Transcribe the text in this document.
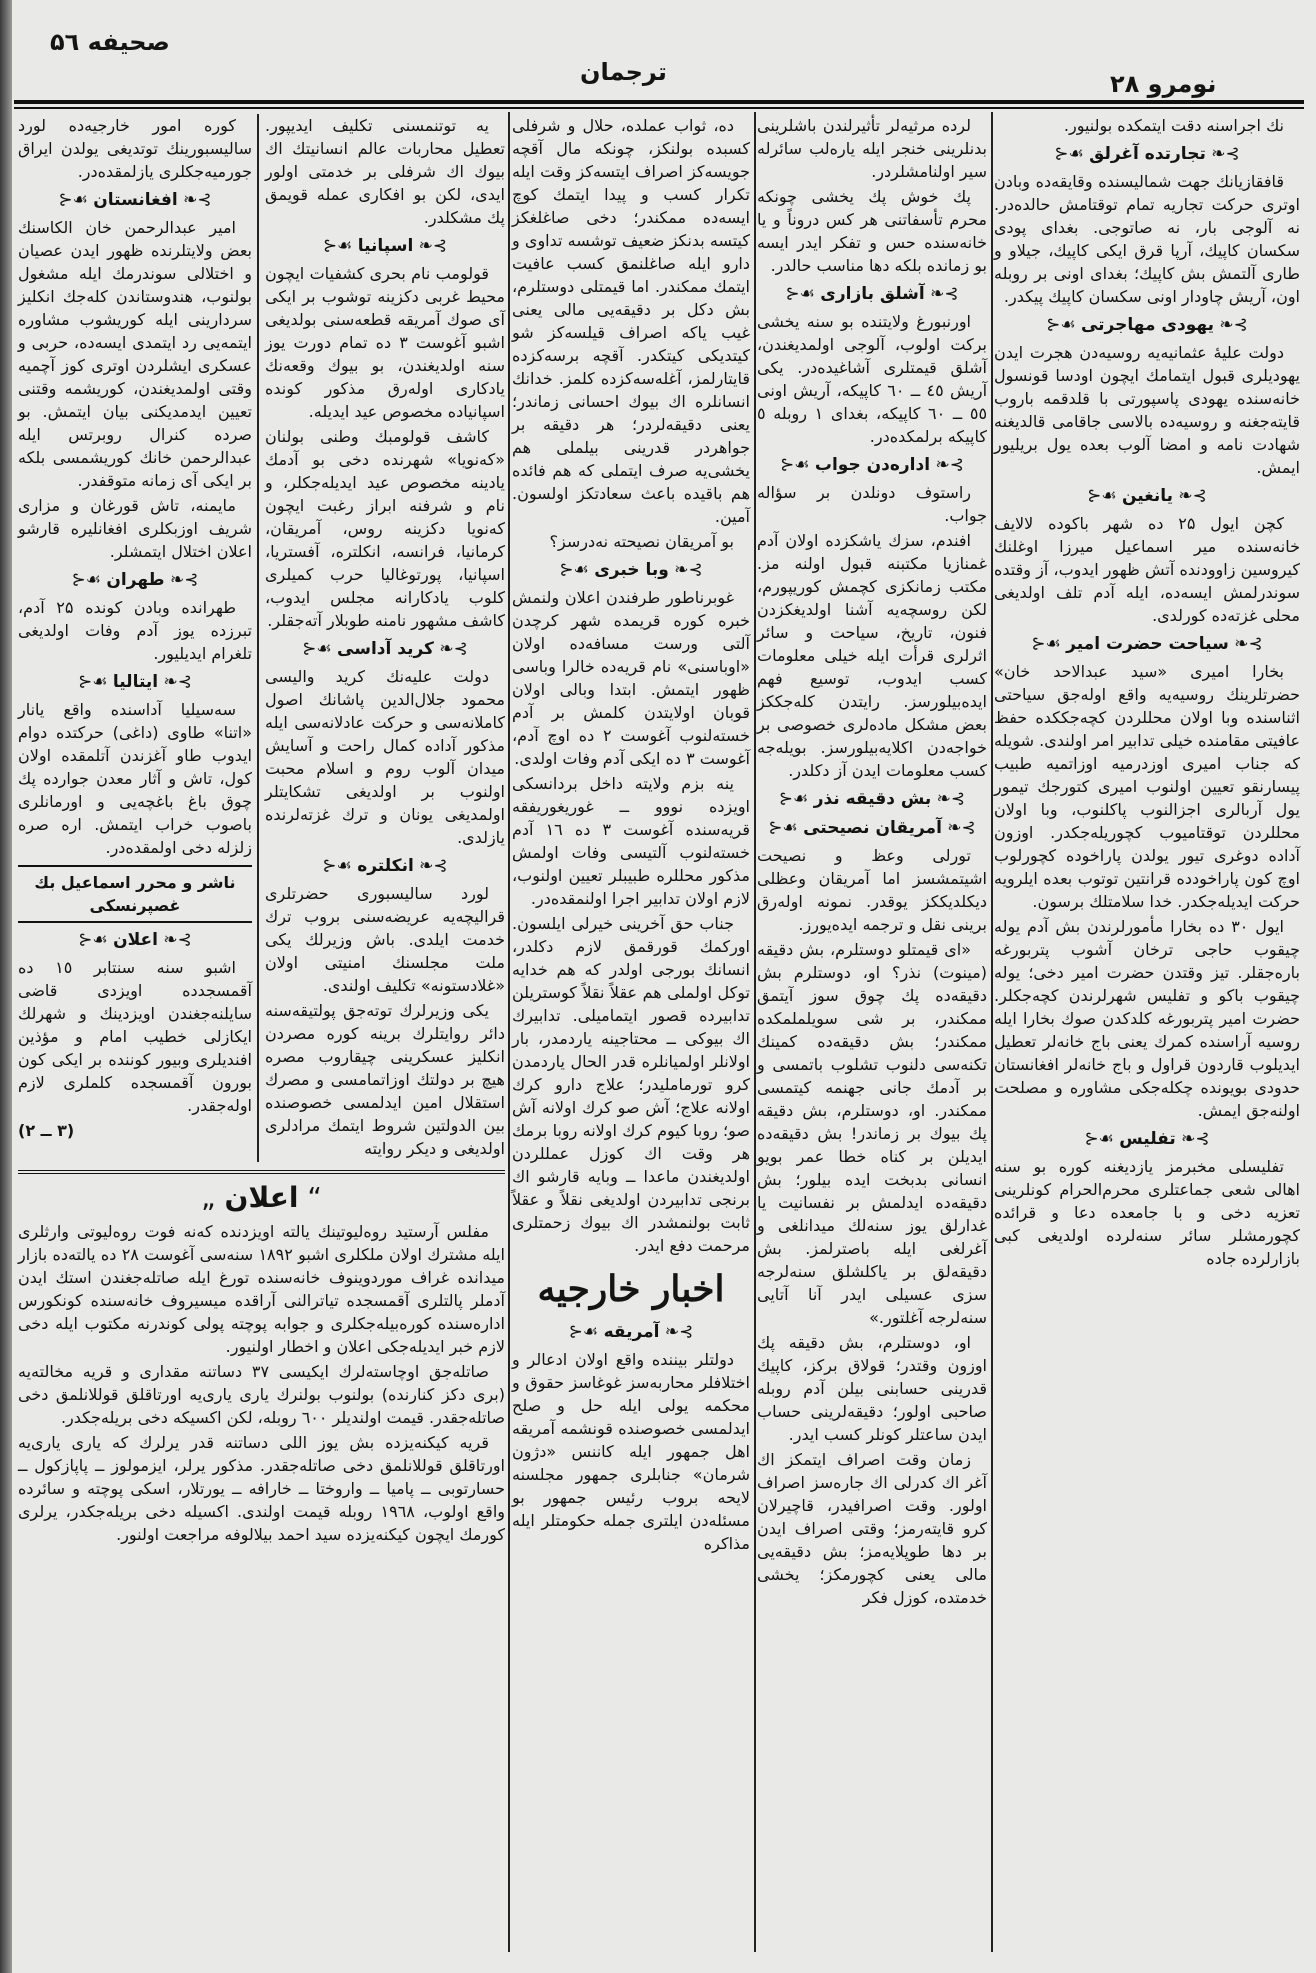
صحیفه ۵٦
ترجمان	نومرو ۲۸

نك اجراسنه دقت ایتمکده بولنیور.

⊱❧ تجارتده آغرلق ☙⊰

قافقازیانك جهت شمالیسنده وقایقه‌ده وبادن اوتری حرکت تجاریه تمام توقتامش حالده‌در. نه آلوجی بار، نه صاتوجی. بغدای پودی سکسان کاپیك، آرپا قرق ایکی کاپیك، جیلاو و طاری آلتمش بش کاپیك؛ بغدای اونی بر روبله اون، آریش چاودار اونی سکسان کاپیك پیکدر.

⊱❧ یهودی مهاجرتی ☙⊰

دولت علیهٔ عثمانیه‌یه روسیه‌دن هجرت ایدن یهودیلری قبول ایتمامك ایچون اودسا قونسول خانه‌سنده یهودی پاسپورتی با قلدقمه باروب قایته‌جغنه و روسیه‌ده بالاسی جاقامی قالدیغنه شهادت نامه و امضا آلوب بعده یول بریلیور ایمش.

⊱❧ یانغین ☙⊰

کچن ایول ۲۵ ده شهر باکوده لالایف خانه‌سنده میر اسماعیل میرزا اوغلنك کیروسین زاوودنده آتش ظهور ایدوب، آز وقتده سوندرلمش ایسه‌ده، ایله آدم تلف اولدیغی محلی غزته‌ده کورلدی.

⊱❧ سیاحت حضرت امیر ☙⊰

بخارا امیری «سید عبدالاحد خان» حضرتلرینك روسیه‌یه واقع اوله‌جق سیاحتی اثناسنده وبا اولان محللردن کچه‌جککده حفظ عافیتی مقامنده خیلی تدابیر امر اولندی. شویله که جناب امیری اوزدرمیه اوزاتمیه طبیب پیسارنقو تعیین اولنوب امیری کتورجك تیمور یول آربالری اجزالنوب پاکلنوب، وبا اولان محللردن توقتامیوب کچوریله‌جکدر. اوزون آداده دوغری تیور یولدن پاراخوده کچورلوب اوچ کون پاراخودده قرانتین توتوب بعده ایلرویه حرکت ایدیله‌جکدر. خدا سلامتلك برسون.

ایول ۳۰ ده بخارا مأمورلرندن بش آدم یوله چیقوب حاجی ترخان آشوب پتربورغه باره‌جقلر. تیز وقتدن حضرت امیر دخی؛ یوله چیقوب باکو و تفلیس شهرلرندن کچه‌جکلر. حضرت امیر پتربورغه کلدکدن صوك بخارا ایله روسیه آراسنده کمرك یعنی باج خانه‌لر تعطیل ایدیلوب قاردون قراول و باج خانه‌لر افغانستان حدودی بویونده چکله‌جکی مشاوره و مصلحت اولنه‌جق ایمش.

⊱❧ تفلیس ☙⊰

تفلیسلی مخبرمز یازدیغنه کوره بو سنه اهالی شعی جماعتلری محرم‌الحرام کونلرینی تعزیه دخی و با جامعده دعا و قرائده کچورمشلر سائر سنه‌لرده اولدیغی کبی بازارلرده جاده

لرده مرثیه‌لر تأثیرلندن باشلرینی بدنلرینی خنجر ایله یاره‌لب سائرله سیر اولنامشلردر.

پك خوش پك یخشی چونکه محرم تأسفاتنی هر کس دروناً و یا خانه‌سنده حس و تفکر ایدر ایسه بو زمانده بلکه دها مناسب حالدر.

⊱❧ آشلق بازاری ☙⊰

اورنبورغ ولایتنده بو سنه یخشی برکت اولوب، آلوجی اولمدیغندن، آشلق قیمتلری آشاغیده‌در. یکی آریش ٤٥ ــ ٦٠ کاپیکه، آریش اونی ٥٥ ــ ٦٠ کاپیکه، بغدای ۱ روبله ٥ کاپیکه برلمکده‌در.

⊱❧ اداره‌دن جواب ☙⊰

راستوف دونلدن بر سؤاله جواب.

افندم، سزك یاشکزده اولان آدم غمنازیا مکتبنه قبول اولنه مز. مکتب زمانکزی کچمش کوریپورم، لکن روسچه‌یه آشنا اولدیغکزدن فنون، تاریخ، سیاحت و سائر اثرلری قرأت ایله خیلی معلومات کسب ایدوب، توسیع فهم ایده‌بیلورسز. رایتدن کله‌جککز بعض مشکل ماده‌لری خصوصی بر خواجه‌دن اکلایه‌بیلورسز. بویله‌جه کسب معلومات ایدن آز دکلدر.

⊱❧ بش دقیقه نذر ☙⊰
⊱❧ آمریقان نصیحتی ☙⊰

تورلی وعظ و نصیحت اشیتمشسز اما آمریقان وعظلی دیکلدیککز یوقدر. نمونه اوله‌رق برینی نقل و ترجمه ایده‌یورز.

«ای قیمتلو دوستلرم، بش دقیقه (مینوت) نذر؟ او، دوستلرم بش دقیقه‌ده پك چوق سوز آیتمق ممکندر، بر شی سویلملمکده ممکندر؛ بش دقیقه‌ده کمینك تکنه‌سی دلنوب تشلوب باتمسی و بر آدمك جانی جهنمه کیتمسی ممکندر. او، دوستلرم، بش دقیقه پك بیوك بر زماندر! بش دقیقه‌ده ایدیلن بر کناه خطا عمر بویو انسانی بدبخت ایده بیلور؛ بش دقیقه‌ده ایدلمش بر نفسانیت یا غدارلق یوز سنه‌لك میدانلغی و آغرلغی ایله باصترلمز. بش دقیقه‌لق بر یاکلشلق سنه‌لرجه سزی عسیلی ایدر آنا آتایی سنه‌لرجه آغلتور.»

او، دوستلرم، بش دقیقه پك اوزون وقتدر؛ قولاق برکز، کاپیك قدرینی حسابنی بیلن آدم روبله صاحبی اولور؛ دقیقه‌لرینی حساب ایدن ساعتلر کونلر کسب ایدر.

زمان وقت اصراف ایتمکز اك آغر اك کدرلی اك جاره‌سز اصراف اولور. وقت اصرافیدر، قاچیرلان کرو قایتەرمز؛ وقتی اصراف ایدن بر دها طوپلایه‌مز؛ بش دقیقه‌یی مالی یعنی کچورمکز؛ یخشی خدمتده، کوزل فکر

ده، ثواب عملده، حلال و شرفلی کسبده بولنکز، چونکه مال آقچه جویسه‌کز اصراف ایتسه‌کز وقت ایله تکرار کسب و پیدا ایتمك کوچ ایسه‌ده ممکندر؛ دخی صاغلغکز کیتسه بدنکز ضعیف توشسه تداوی و دارو ایله صاغلنمق کسب عافیت ایتمك ممکندر. اما قیمتلی دوستلرم، بش دکل بر دقیقه‌یی مالی یعنی غیب یاکه اصراف قیلسه‌کز شو کیتدیکی کیتکدر. آقچه برسه‌کزده قایتارلمز، آغله‌سه‌کزده کلمز. خدانك انسانلره اك بیوك احسانی زماندر؛ یعنی دقیقه‌لردر؛ هر دقیقه بر جواهردر قدرینی بیلملی هم یخشی‌یه صرف ایتملی که هم فائده هم باقیده باعث سعادتکز اولسون. آمین.

بو آمریقان نصیحته نه‌درسز؟

⊱❧ وبا خبری ☙⊰

غوبرناطور طرفندن اعلان ولنمش خبره کوره قریمده شهر کرچدن آلتی ورست مسافه‌ده اولان «اوباسنی» نام قریه‌ده خالرا وباسی ظهور ایتمش. ابتدا وبالی اولان قوبان اولایتدن کلمش بر آدم خسته‌لنوب آغوست ۲ ده اوچ آدم، آغوست ۳ ده ایکی آدم وفات اولدی.

ینه بزم ولایته داخل بردانسکی اویزده نووو ــ غوریغوریفقه قریه‌سنده آغوست ۳ ده ۱٦ آدم خسته‌لنوب آلتیسی وفات اولمش مذکور محللره طبیبلر تعیین اولنوب، لازم اولان تدابیر اجرا اولنمقده‌در.

جناب حق آخرینی خیرلی ایلسون. اورکمك قورقمق لازم دکلدر، انسانك بورجی اولدر که هم خدایه توکل اولملی هم عقلاً نقلاً کوستریلن تدابیرده قصور ایتمامیلی. تدابیرك اك بیوکی ــ محتاجینه یاردمدر، بار اولانلر اولمیانلره قدر الحال یاردمدن کرو تورماملیدر؛ علاج دارو کرك اولانه علاج؛ آش صو کرك اولانه آش صو؛ روبا کیوم کرك اولانه روبا برمك هر وقت اك کوزل عمللردن اولدیغندن ماعدا ــ وبایه قارشو اك برنجی تدابیردن اولدیغی نقلاً و عقلاً ثابت بولنمشدر اك بیوك زحمتلری مرحمت دفع ایدر.

اخبار خارجیه
⊱❧ آمریقه ☙⊰

دولتلر بیننده واقع اولان ادعالر و اختلافلر محاربه‌سز غوغاسز حقوق و محکمه یولی ایله حل و صلح ایدلمسی خصوصنده قونشمه آمریقه اهل جمهور ایله کاننس «دژون شرمان» جنابلری جمهور مجلسنه لایحه بروب رئیس جمهور بو مسئله‌دن ایلتری جمله حکومتلر ایله مذاکره

کوره امور خارجیه‌ده لورد سالیسبورینك توتدیغی یولدن ایراق جورمیه‌جکلری یازلمقده‌در.

⊱❧ افغانستان ☙⊰

امیر عبدالرحمن خان الکاسنك بعض ولایتلرنده ظهور ایدن عصیان و اختلالی سوندرمك ایله مشغول بولنوب، هندوستاندن کله‌جك انکلیز سردارینی ایله کوریشوب مشاوره ایتمه‌یی رد ایتمدی ایسه‌ده، حربی و عسکری ایشلردن اوتری کوز آچمیه وقتی اولمدیغندن، کوریشمه وقتنی تعیین ایدمدیکنی بیان ایتمش. بو صرده کنرال روبرتس ایله عبدالرحمن خانك کوریشمسی بلکه بر ایکی آی زمانه متوقفدر.

مایمنه، تاش قورغان و مزاری شریف اوزبکلری افغانلیره قارشو اعلان اختلال ایتمشلر.

⊱❧ طهران ☙⊰

طهرانده وبادن کونده ۲۵ آدم، تبرزده یوز آدم وفات اولدیغی تلغرام ایدیلیور.

⊱❧ ایتالیا ☙⊰

سه‌سیلیا آداسنده واقع یانار «اتنا» طاوی (داغی) حرکتده دوام ایدوب طاو آغزندن آتلمقده اولان کول، تاش و آثار معدن جوارده پك چوق باغ باغچه‌یی و اورمانلری باصوب خراب ایتمش. اره صره زلزله دخی اولمقده‌در.

ناشر و محرر اسماعیل بك غصپرنسکی
⊱❧ اعلان ☙⊰

اشبو سنه سنتابر ١٥ ده آقمسجدده اویزدی قاضی سایلنه‌جغندن اویزدینك و شهرلك ایکازلی خطیب امام و مؤذین افندیلری وبیور کوننده بر ایکی کون بورون آقمسجده کلملری لازم اوله‌جقدر.

(۳ ــ ۲)

یه توتنمسنی تکلیف ایدیپور. تعطیل محاربات عالم انسانیتك اك بیوك اك شرفلی بر خدمتی اولور ایدی، لکن بو افکاری عمله قویمق پك مشکلدر.

⊱❧ اسپانیا ☙⊰

قولومب نام بحری کشفیات ایچون محیط غربی دکزینه توشوب بر ایکی آی صوك آمریقه قطعه‌سنی بولدیغی اشبو آغوست ۳ ده تمام دورت یوز سنه اولدیغندن، بو بیوك وقعه‌نك یادکاری اوله‌رق مذکور کونده اسپانیاده مخصوص عید ایدیله.

کاشف قولومبك وطنی بولنان «کەنویا» شهرنده دخی بو آدمك یادینه مخصوص عید ایدیله‌جکلر، و نام و شرفنه ابراز رغبت ایچون کەنویا دکزینه روس، آمریقان، کرمانیا، فرانسه، انکلتره، آفستریا، اسپانیا، پورتوغالیا حرب کمیلری کلوب یادکارانه مجلس ایدوب، کاشف مشهور نامنه طوبلار آته‌جقلر.

⊱❧ کرید آداسی ☙⊰

دولت علیه‌نك کرید والیسی محمود جلال‌الدین پاشانك اصول کاملانه‌سی و حرکت عادلانه‌سی ایله مذکور آداده کمال راحت و آسایش میدان آلوب روم و اسلام محبت اولنوب بر اولدیغی تشکایتلر اولمدیغی یونان و ترك غزته‌لرنده یازلدی.

⊱❧ انکلتره ☙⊰

لورد سالیسبوری حضرتلری قرالیچه‌یه عریضه‌سنی بروب ترك خدمت ایلدی. باش وزیرلك یکی ملت مجلسنك امنیتی اولان «غلادستونه» تکلیف اولندی.

یکی وزیرلرك توته‌جق پولتیقه‌سنه دائر روایتلرك برینه کوره مصردن انکلیز عسکرینی چیقاروب مصره هیچ بر دولتك اوزاتمامسی و مصرك استقلال امین ایدلمسی خصوصنده بین الدولتین شروط ایتمك مرادلری اولدیغی و دیکر روایته

“ اعلان „

مفلس آرستید روه‌لیوتینك یالته اویزدنده کەنه فوت روه‌لیوتی وارثلری ایله مشترك اولان ملکلری اشبو ۱۸۹۲ سنه‌سی آغوست ۲۸ ده یالته‌ده بازار میدانده غراف موردوینوف خانه‌سنده تورغ ایله صاتله‌جغندن استك ایدن آدملر پالتلری آقمسجده تیاترالنی آراقده میسیروف خانه‌سنده کونکورس اداره‌سنده کوره‌بیله‌جکلری و جوابه پوچته پولی کوندرنه مکتوب ایله دخی لازم خبر ایدیله‌جکی اعلان و اخطار اولنیور.

صاتله‌جق اوچاسته‌لرك ایکیسی ۳۷ دساتنه مقداری و قریه مخالته‌یه (بری دکز کنارنده) بولنوب بولنرك یاری یاری‌یه اورتاقلق قوللانلمق دخی صاتله‌جقدر. قیمت اولندیلر ٦۰۰ روبله، لکن اکسیکه دخی بریله‌جکدر.

قریه کیکنه‌یزده بش یوز اللی دساتنه قدر یرلرك که یاری یاری‌یه اورتاقلق قوللانلمق دخی صاتله‌جقدر. مذکور یرلر، ایزمولوز ــ پاپازکول ــ حسارتوبی ــ پامیا ــ واروختا ــ خارافه ــ یورتلار، اسکی پوچته و سائرده واقع اولوب، ۱۹٦۸ روبله قیمت اولندی. اکسیله دخی بریله‌جکدر، یرلری کورمك ایچون کیکنه‌یزده سید احمد بیلالوفه مراجعت اولنور.
